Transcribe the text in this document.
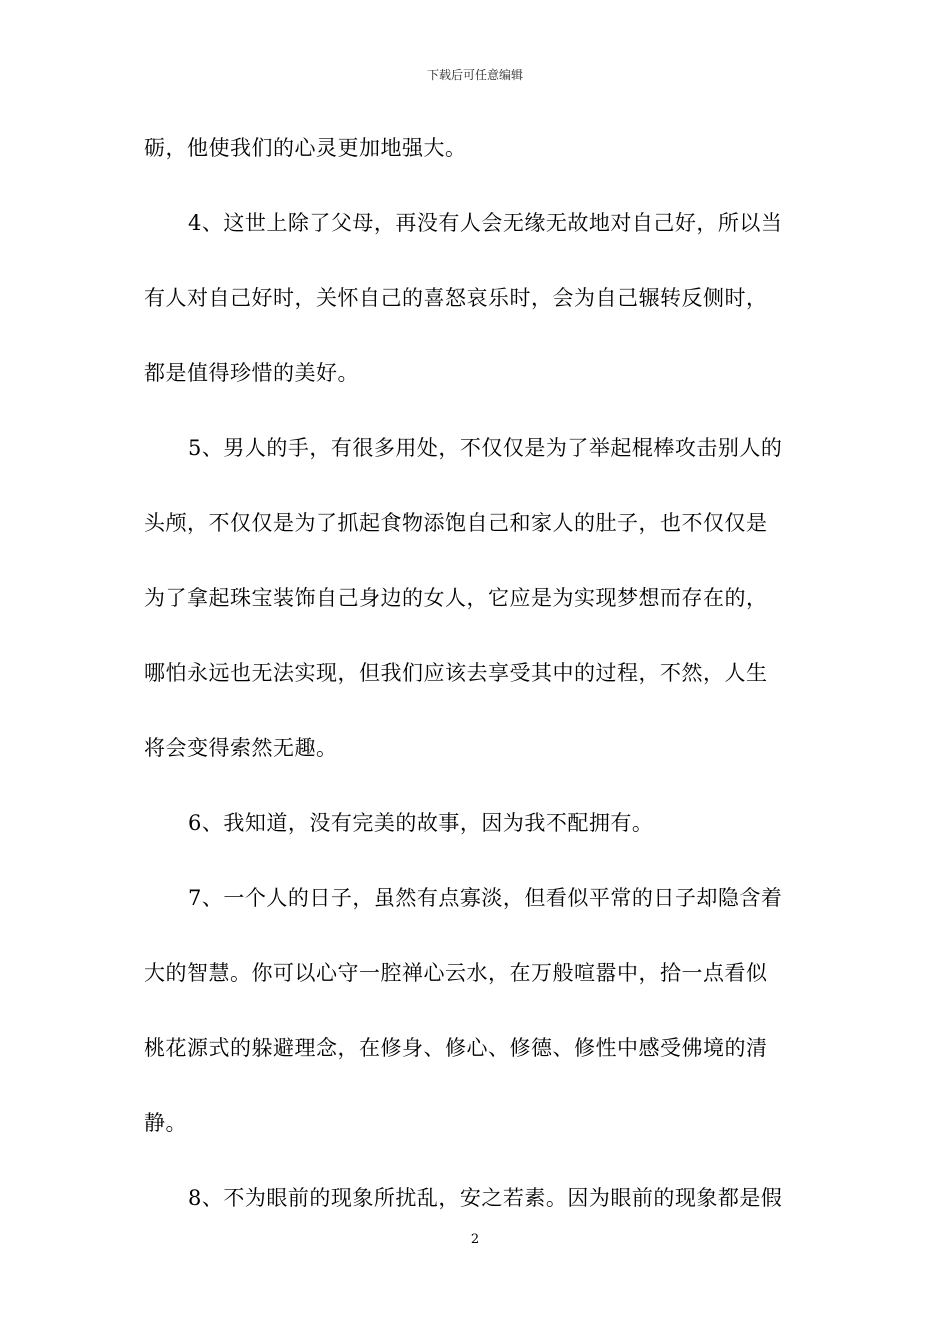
下载后可任意编辑
砺，他使我们的心灵更加地强大。
4、这世上除了父母，再没有人会无缘无故地对自己好，所以当
有人对自己好时，关怀自己的喜怒哀乐时，会为自己辗转反侧时，
都是值得珍惜的美好。
5、男人的手，有很多用处，不仅仅是为了举起棍棒攻击别人的
头颅，不仅仅是为了抓起食物添饱自己和家人的肚子，也不仅仅是
为了拿起珠宝装饰自己身边的女人，它应是为实现梦想而存在的，
哪怕永远也无法实现，但我们应该去享受其中的过程，不然，人生
将会变得索然无趣。
6、我知道，没有完美的故事，因为我不配拥有。
7、一个人的日子，虽然有点寡淡，但看似平常的日子却隐含着
大的智慧。你可以心守一腔禅心云水，在万般喧嚣中，拾一点看似
桃花源式的躲避理念，在修身、修心、修德、修性中感受佛境的清
静。
8、不为眼前的现象所扰乱，安之若素。因为眼前的现象都是假
2
